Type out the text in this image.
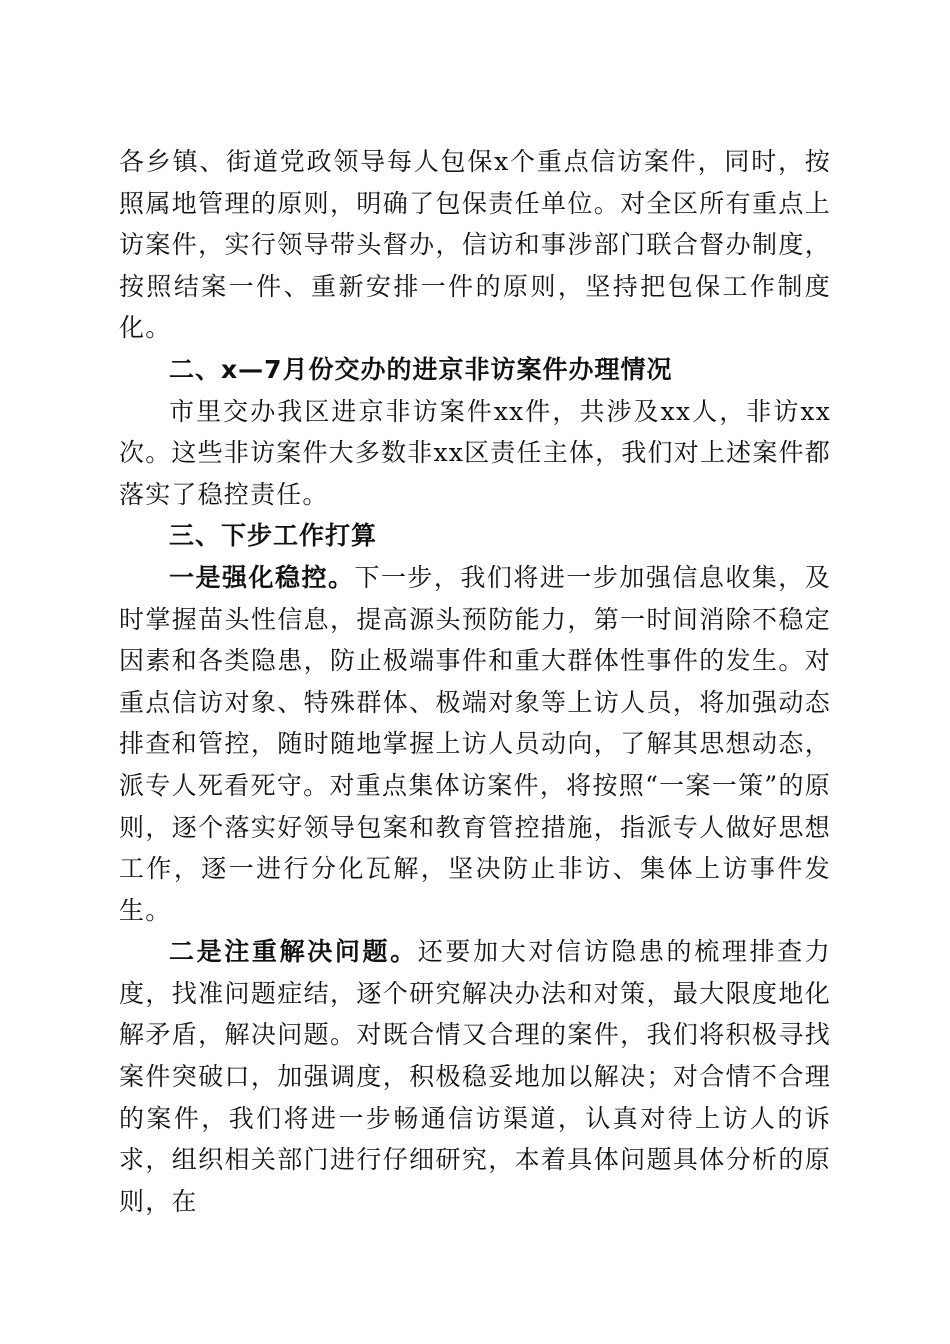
各乡镇、街道党政领导每人包保x个重点信访案件，同时，按照属地管理的原则，明确了包保责任单位。对全区所有重点上访案件，实行领导带头督办，信访和事涉部门联合督办制度，按照结案一件、重新安排一件的原则，坚持把包保工作制度化。

二、x—7月份交办的进京非访案件办理情况

市里交办我区进京非访案件xx件，共涉及xx人，非访xx次。这些非访案件大多数非xx区责任主体，我们对上述案件都落实了稳控责任。

三、下步工作打算

一是强化稳控。下一步，我们将进一步加强信息收集，及时掌握苗头性信息，提高源头预防能力，第一时间消除不稳定因素和各类隐患，防止极端事件和重大群体性事件的发生。对重点信访对象、特殊群体、极端对象等上访人员，将加强动态排查和管控，随时随地掌握上访人员动向，了解其思想动态，派专人死看死守。对重点集体访案件，将按照“一案一策”的原则，逐个落实好领导包案和教育管控措施，指派专人做好思想工作，逐一进行分化瓦解，坚决防止非访、集体上访事件发生。

二是注重解决问题。还要加大对信访隐患的梳理排查力度，找准问题症结，逐个研究解决办法和对策，最大限度地化解矛盾，解决问题。对既合情又合理的案件，我们将积极寻找案件突破口，加强调度，积极稳妥地加以解决；对合情不合理的案件，我们将进一步畅通信访渠道，认真对待上访人的诉求，组织相关部门进行仔细研究，本着具体问题具体分析的原则，在
